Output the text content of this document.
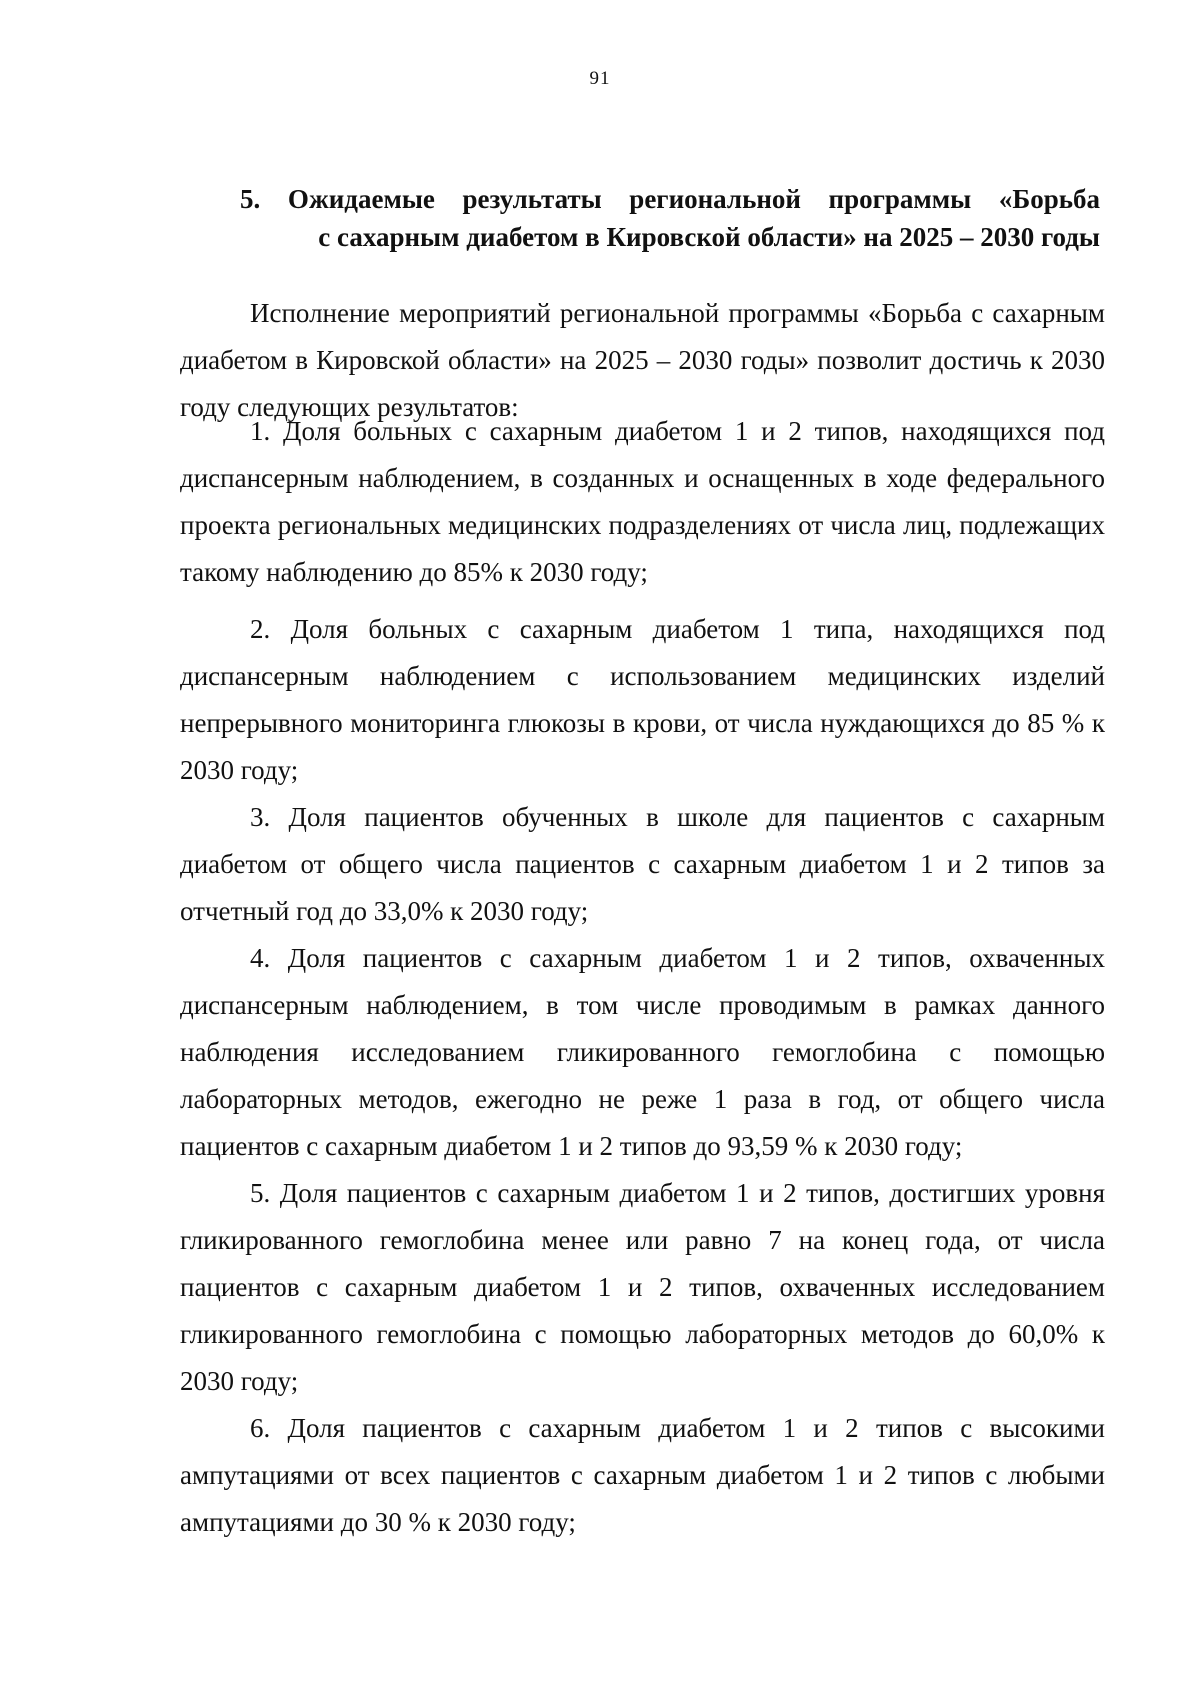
91
5. Ожидаемые результаты региональной программы «Борьба
с сахарным диабетом в Кировской области» на 2025 – 2030 годы

Исполнение мероприятий региональной программы «Борьба с сахарным диабетом в Кировской области» на 2025 – 2030 годы» позволит достичь к 2030 году следующих результатов:

1. Доля больных с сахарным диабетом 1 и 2 типов, находящихся под диспансерным наблюдением, в созданных и оснащенных в ходе федерального проекта региональных медицинских подразделениях от числа лиц, подлежащих такому наблюдению до 85% к 2030 году;

2. Доля больных с сахарным диабетом 1 типа, находящихся под диспансерным наблюдением с использованием медицинских изделий непрерывного мониторинга глюкозы в крови, от числа нуждающихся до 85 % к 2030 году;

3. Доля пациентов обученных в школе для пациентов с сахарным диабетом от общего числа пациентов с сахарным диабетом 1 и 2 типов за отчетный год до 33,0% к 2030 году;

4. Доля пациентов с сахарным диабетом 1 и 2 типов, охваченных диспансерным наблюдением, в том числе проводимым в рамках данного наблюдения исследованием гликированного гемоглобина с помощью лабораторных методов, ежегодно не реже 1 раза в год, от общего числа пациентов с сахарным диабетом 1 и 2 типов до 93,59 % к 2030 году;

5. Доля пациентов с сахарным диабетом 1 и 2 типов, достигших уровня гликированного гемоглобина менее или равно 7 на конец года, от числа пациентов с сахарным диабетом 1 и 2 типов, охваченных исследованием гликированного гемоглобина с помощью лабораторных методов до 60,0% к 2030 году;

6. Доля пациентов с сахарным диабетом 1 и 2 типов с высокими ампутациями от всех пациентов с сахарным диабетом 1 и 2 типов с любыми ампутациями до 30 % к 2030 году;
